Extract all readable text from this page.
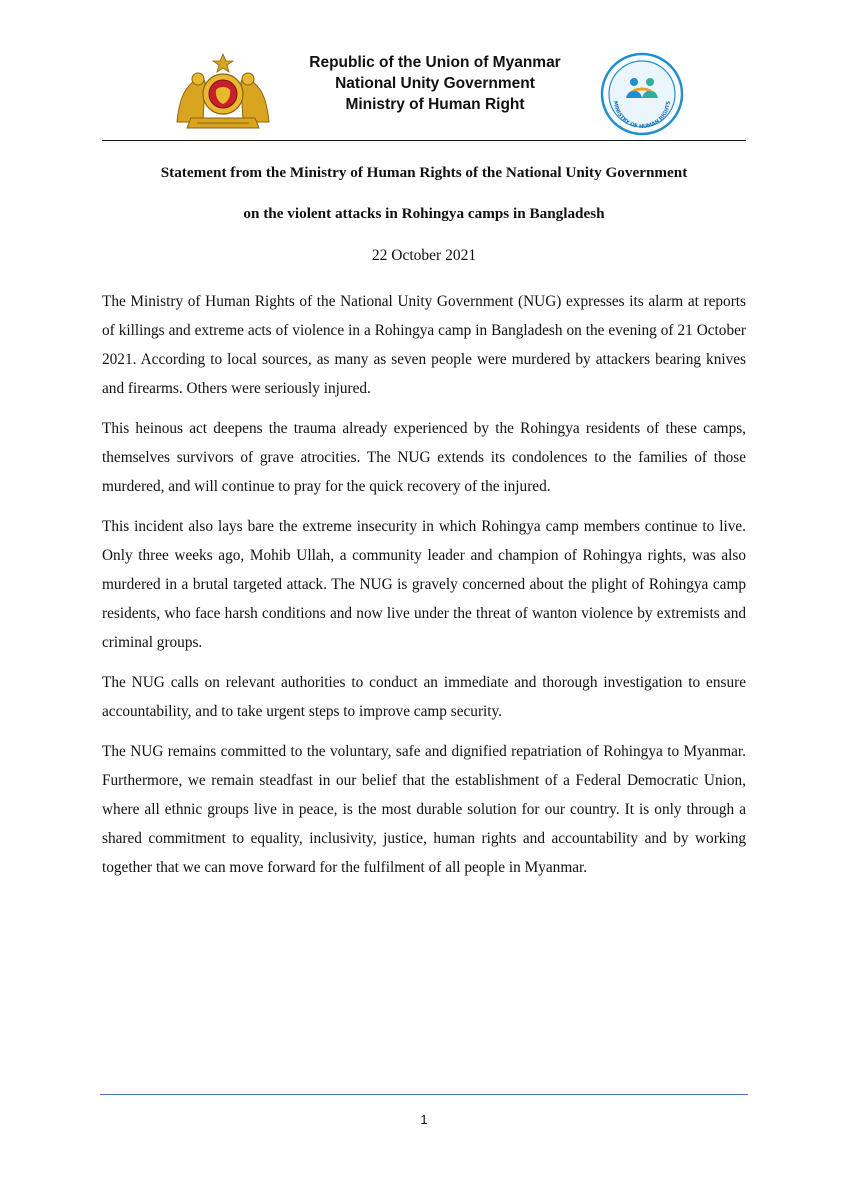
Republic of the Union of Myanmar
National Unity Government
Ministry of Human Right	MINISTRY OF HUMAN RIGHTS
Statement from the Ministry of Human Rights of the National Unity Government
on the violent attacks in Rohingya camps in Bangladesh
22 October 2021

The Ministry of Human Rights of the National Unity Government (NUG) expresses its alarm at reports of killings and extreme acts of violence in a Rohingya camp in Bangladesh on the evening of 21 October 2021. According to local sources, as many as seven people were murdered by attackers bearing knives and firearms. Others were seriously injured.

This heinous act deepens the trauma already experienced by the Rohingya residents of these camps, themselves survivors of grave atrocities. The NUG extends its condolences to the families of those murdered, and will continue to pray for the quick recovery of the injured.

This incident also lays bare the extreme insecurity in which Rohingya camp members continue to live. Only three weeks ago, Mohib Ullah, a community leader and champion of Rohingya rights, was also murdered in a brutal targeted attack. The NUG is gravely concerned about the plight of Rohingya camp residents, who face harsh conditions and now live under the threat of wanton violence by extremists and criminal groups.

The NUG calls on relevant authorities to conduct an immediate and thorough investigation to ensure accountability, and to take urgent steps to improve camp security.

The NUG remains committed to the voluntary, safe and dignified repatriation of Rohingya to Myanmar. Furthermore, we remain steadfast in our belief that the establishment of a Federal Democratic Union, where all ethnic groups live in peace, is the most durable solution for our country. It is only through a shared commitment to equality, inclusivity, justice, human rights and accountability and by working together that we can move forward for the fulfilment of all people in Myanmar.

1
